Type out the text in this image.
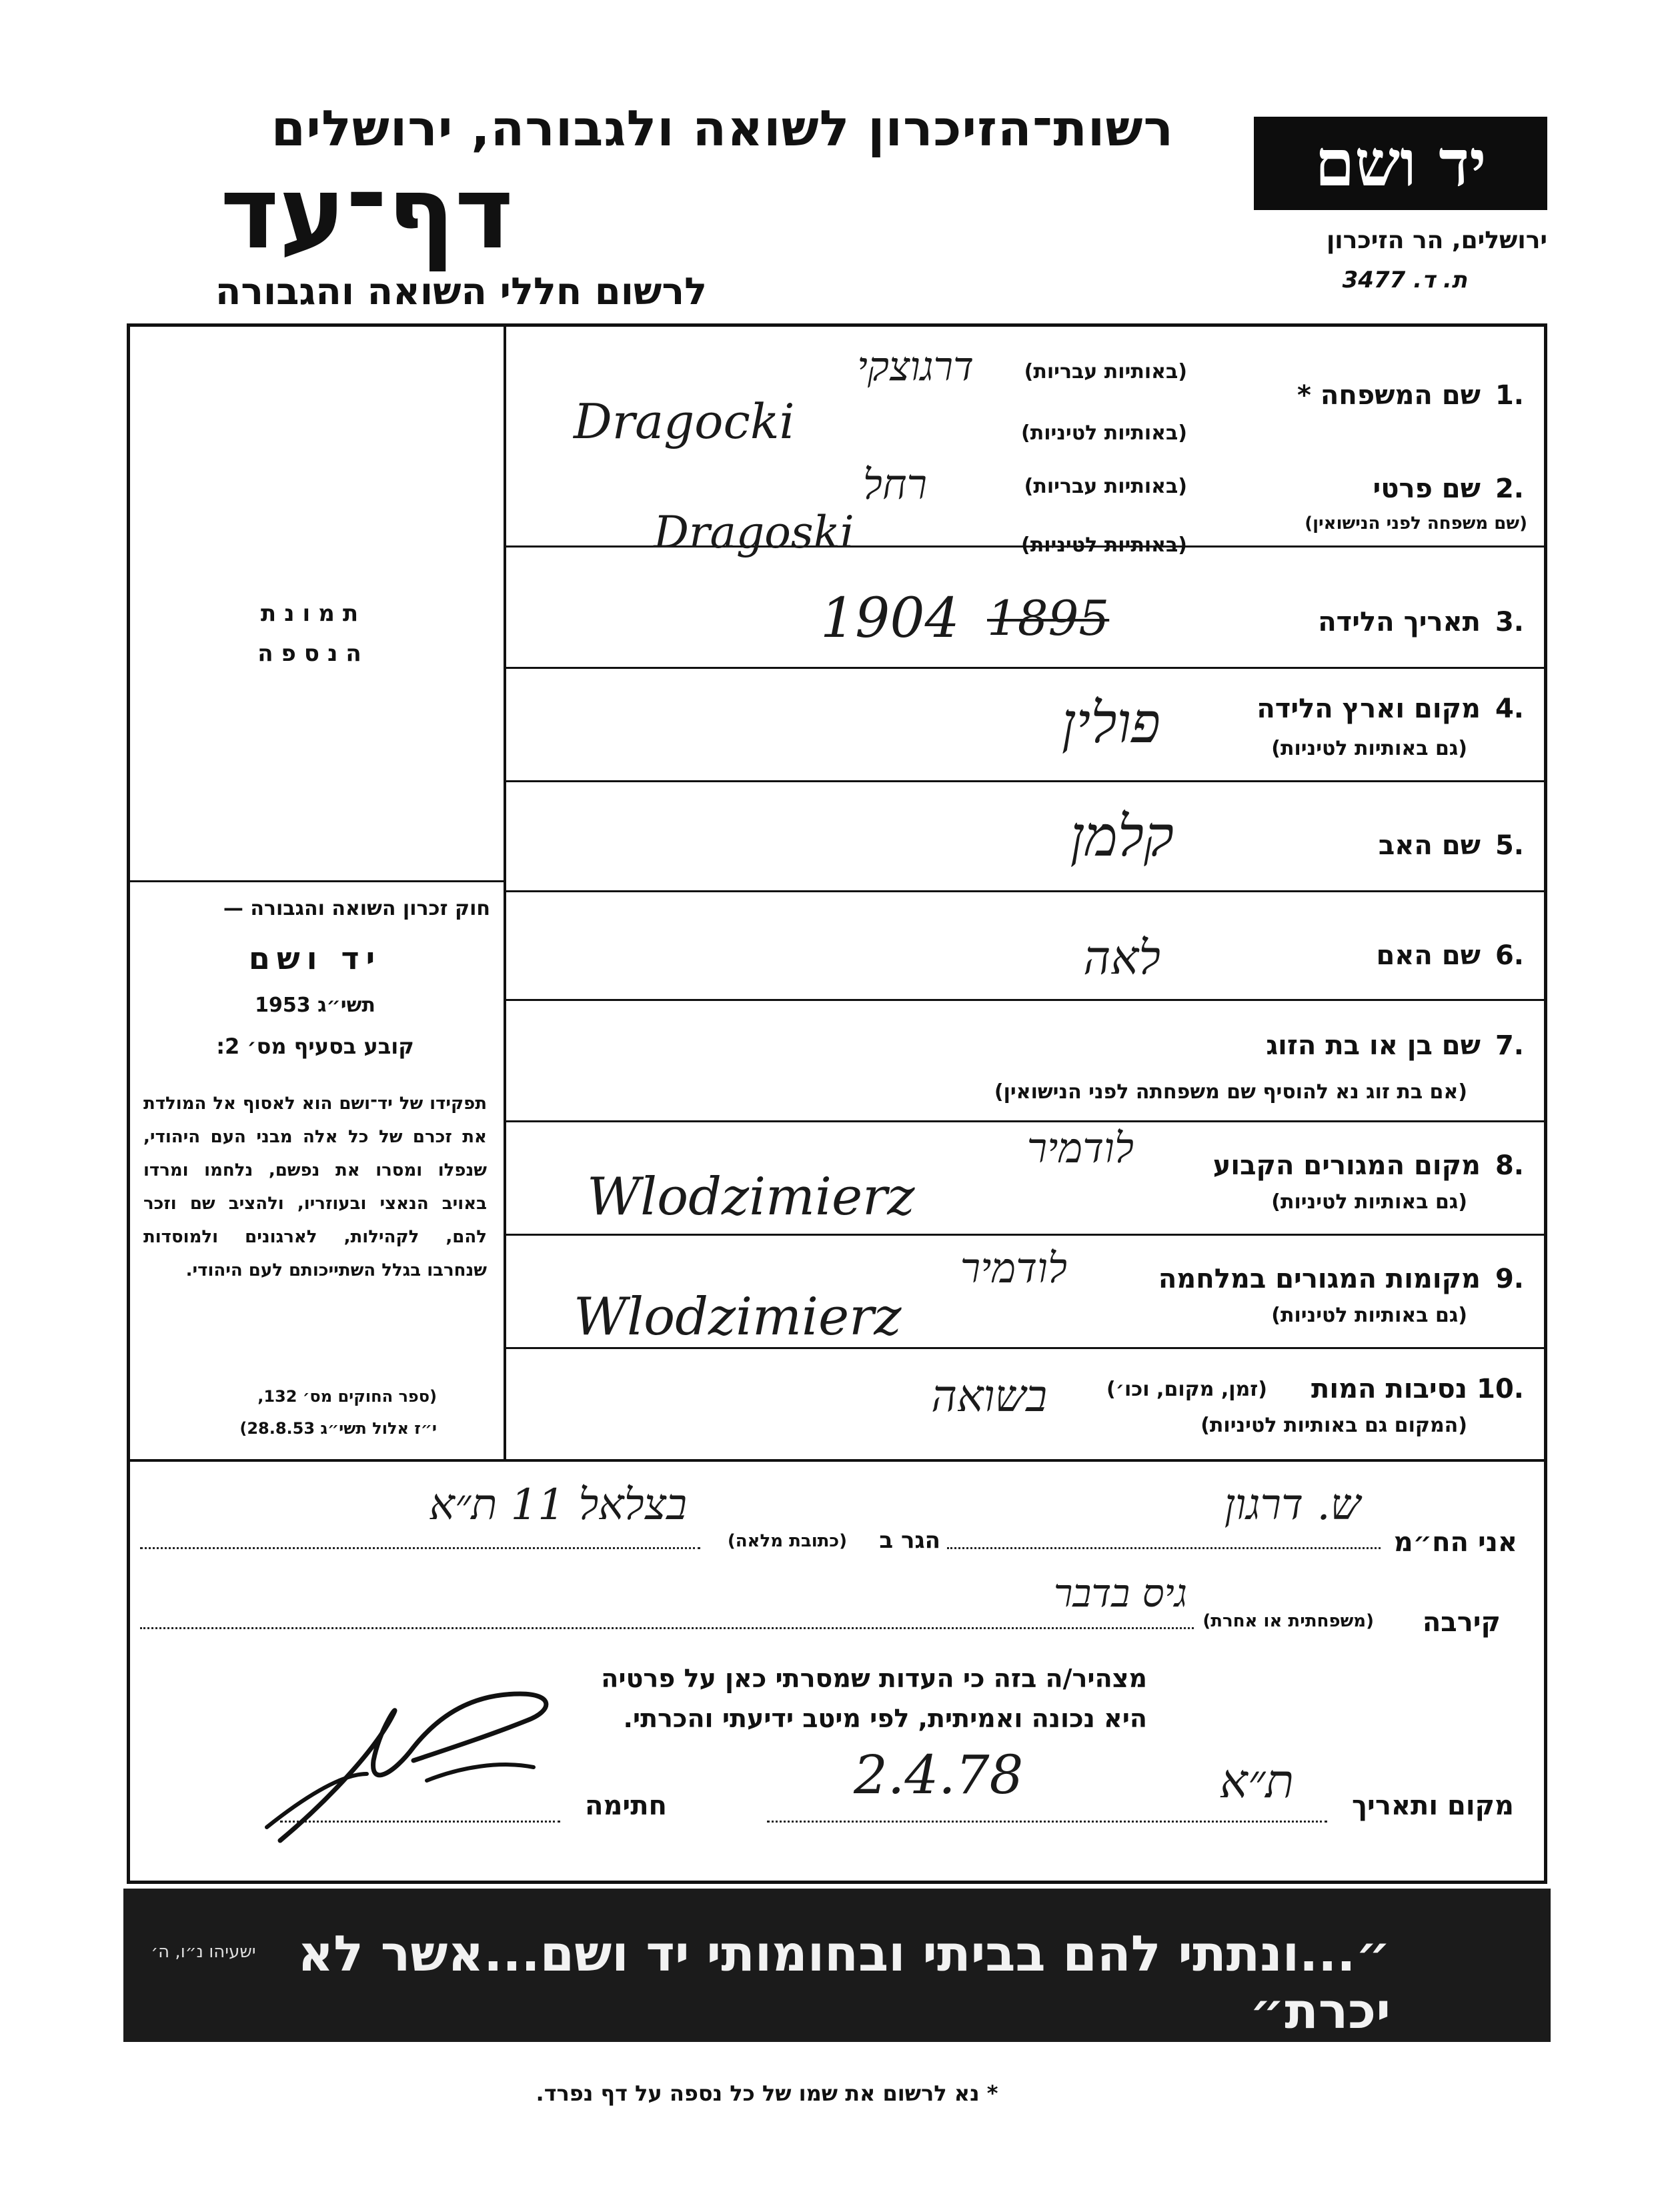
רשות־הזיכרון לשואה ולגבורה, ירושלים
דף־עד
לרשום חללי השואה והגבורה
יד ושם
ירושלים, הר הזיכרון
ת. ד. 3477
תמונת
הנספה
חוק זכרון השואה והגבורה —
יד ושם
תשי״ג 1953
קובע בסעיף מס׳ 2:
תפקידו של יד־ושם הוא לאסוף אל המולדת את זכרם של כל אלה מבני העם היהודי, שנפלו ומסרו את נפשם, נלחמו ומרדו באויב הנאצי ובעוזריו, ולהציב שם וזכר להם, לקהילות, לארגונים ולמוסדות שנחרבו בגלל השתייכותם לעם היהודי.
(ספר החוקים מס׳ 132,
י״ז אלול תשי״ג 28.8.53)
1.
שם המשפחה *
(באותיות עבריות)
(באותיות לטיניות)
דרגוצקי
Dragocki
2.
שם פרטי
(שם משפחה לפני הנישואין)
(באותיות עבריות)
(באותיות לטיניות)
רחל
Dragoski
3.
תאריך הלידה
1904 1895
4.
מקום וארץ הלידה
(גם באותיות לטיניות)
פולין
5.
שם האב
קלמן
6.
שם האם
לאה
7.
שם בן או בת הזוג
(אם בת זוג נא להוסיף שם משפחתה לפני הנישואין)
8.
מקום המגורים הקבוע
(גם באותיות לטיניות)
לודמיר
Wlodzimierz
9.
מקומות המגורים במלחמה
(גם באותיות לטיניות)
לודמיר
Wlodzimierz
10.
נסיבות המות
(זמן, מקום, וכו׳)
(המקום גם באותיות לטיניות)
בשואה
אני הח״מ
ש. דרגון
הגר ב
(כתובת מלאה)
בצלאל 11 ת״א
קירבה
(משפחתית או אחרת)
גיס בדבר
מצהיר/ה בזה כי העדות שמסרתי כאן על פרטיה
היא נכונה ואמיתית, לפי מיטב ידיעתי והכרתי.
מקום ותאריך
ת״א
2.4.78
חתימה
״...ונתתי להם בביתי ובחומותי יד ושם...אשר לא יכרת״
ישעיהו נ״ו, ה׳
* נא לרשום את שמו של כל נספה על דף נפרד.
